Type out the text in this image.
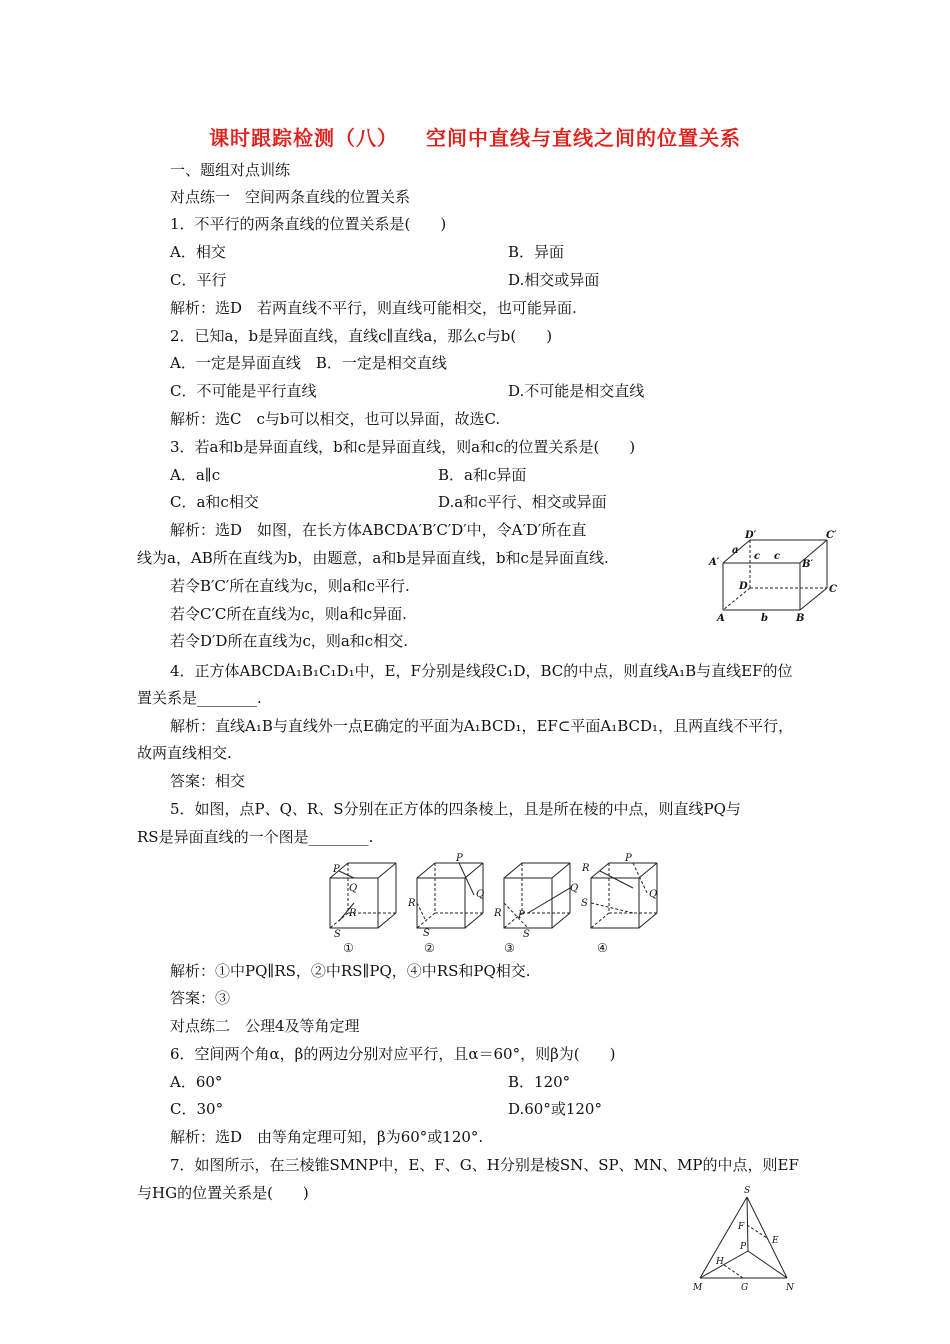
课时跟踪检测（八） 空间中直线与直线之间的位置关系
一、题组对点训练
对点练一　空间两条直线的位置关系
1．不平行的两条直线的位置关系是(　　)
A．相交	B．异面
C．平行	D.相交或异面
解析：选D　若两直线不平行，则直线可能相交，也可能异面.
2．已知a，b是异面直线，直线c∥直线a，那么c与b(　　)
A．一定是异面直线　B．一定是相交直线
C．不可能是平行直线	D.不可能是相交直线
解析：选C　c与b可以相交，也可以异面，故选C.
3．若a和b是异面直线，b和c是异面直线，则a和c的位置关系是(　　)
A．a∥c	B．a和c异面
C．a和c相交	D.a和c平行、相交或异面
解析：选D　如图，在长方体ABCDA′B′C′D′中，令A′D′所在直
线为a，AB所在直线为b，由题意，a和b是异面直线，b和c是异面直线.
若令B′C′所在直线为c，则a和c平行.
若令C′C所在直线为c，则a和c异面.
若令D′D所在直线为c，则a和c相交.
D′	C′
A′	B′
D	C
A	B
a
c c
b
4．正方体ABCDA₁B₁C₁D₁中，E，F分别是线段C₁D，BC的中点，则直线A₁B与直线EF的位
置关系是________.
解析：直线A₁B与直线外一点E确定的平面为A₁BCD₁，EF⊂平面A₁BCD₁，且两直线不平行，
故两直线相交.
答案：相交
5．如图，点P、Q、R、S分别在正方体的四条棱上，且是所在棱的中点，则直线PQ与
RS是异面直线的一个图是________.
P
Q
R
S
P
Q
R
S
Q
P
R
S
R
P
Q
S
①	②	③	④
解析：①中PQ∥RS，②中RS∥PQ，④中RS和PQ相交.
答案：③
对点练二　公理4及等角定理
6．空间两个角α，β的两边分别对应平行，且α＝60°，则β为(　　)
A．60°	B．120°
C．30°	D.60°或120°
解析：选D　由等角定理可知，β为60°或120°.
7．如图所示，在三棱锥SMNP中，E、F、G、H分别是棱SN、SP、MN、MP的中点，则EF
与HG的位置关系是(　　)	S
F
E
P
H
M	G	N
